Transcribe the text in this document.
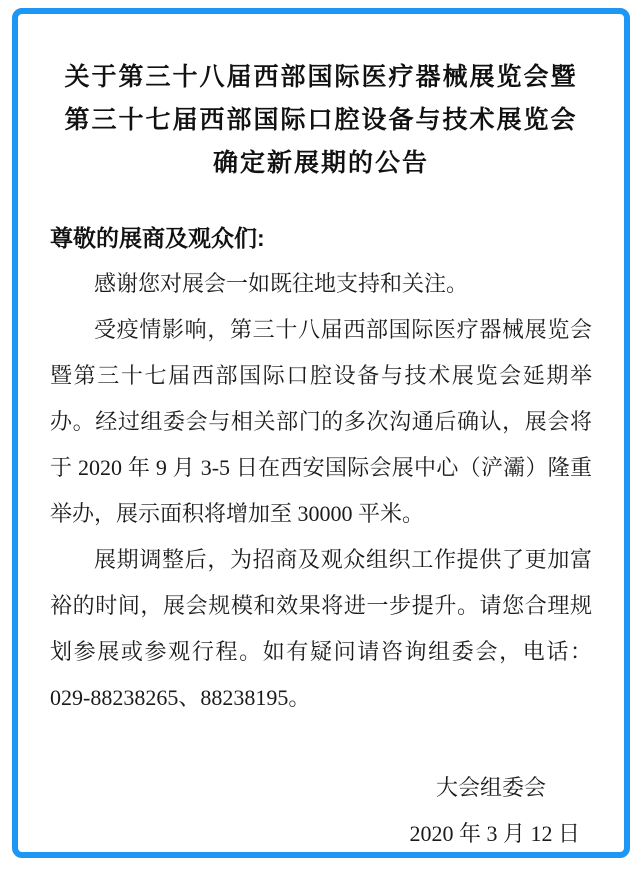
关于第三十八届西部国际医疗器械展览会暨
第三十七届西部国际口腔设备与技术展览会
确定新展期的公告

尊敬的展商及观众们:

感谢您对展会一如既往地支持和关注。

受疫情影响，第三十八届西部国际医疗器械展览会暨第三十七届西部国际口腔设备与技术展览会延期举办。经过组委会与相关部门的多次沟通后确认，展会将于 2020 年 9 月 3-5 日在西安国际会展中心（浐灞）隆重举办，展示面积将增加至 30000 平米。

展期调整后，为招商及观众组织工作提供了更加富裕的时间，展会规模和效果将进一步提升。请您合理规划参展或参观行程。如有疑问请咨询组委会，电话：029-88238265、88238195。

大会组委会

2020 年 3 月 12 日
